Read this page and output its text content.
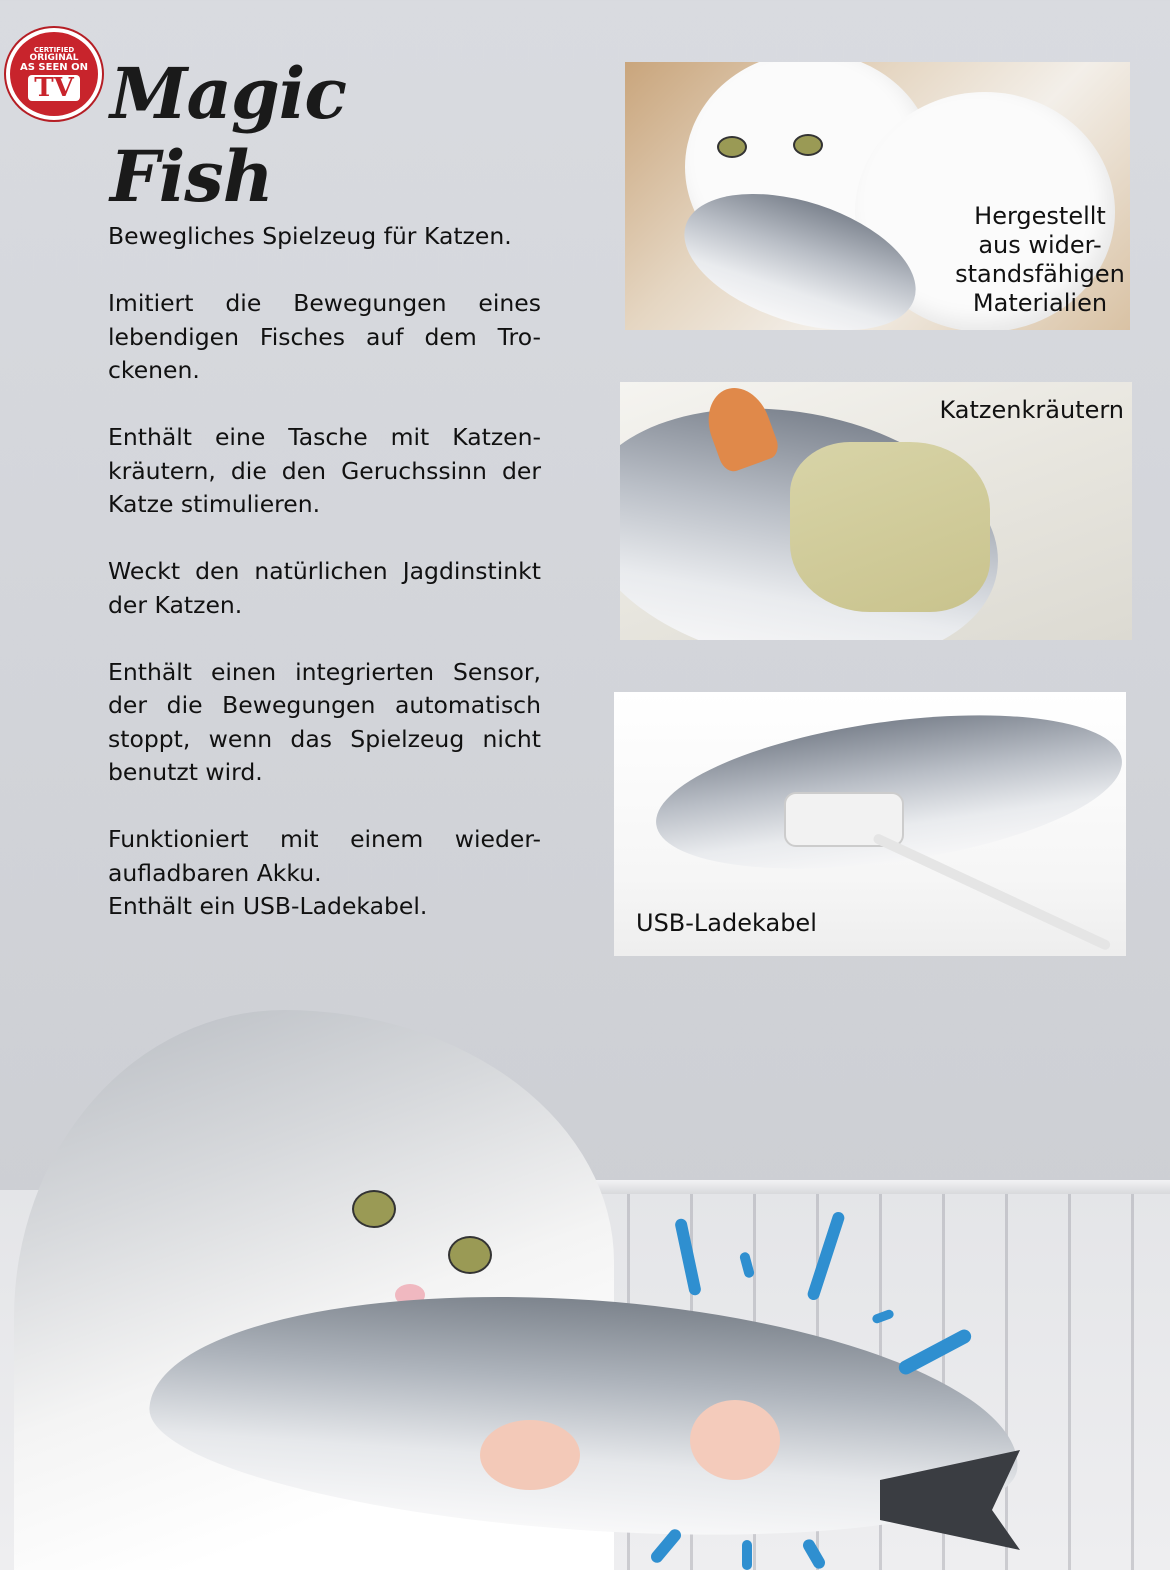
CERTIFIED
ORIGINAL
AS SEEN ON
TV Magic Fish

Bewegliches Spielzeug für Katzen.

Imitiert die Bewegungen eines lebendigen Fisches auf dem Tro-ckenen.

Enthält eine Tasche mit Katzen-kräutern, die den Geruchssinn der Katze stimulieren.

Weckt den natürlichen Jagdinstinkt der Katzen.

Enthält einen integrierten Sensor, der die Bewegungen automatisch stoppt, wenn das Spielzeug nicht benutzt wird.

Funktioniert mit einem wieder-aufladbaren Akku.

Enthält ein USB-Ladekabel.

Hergestellt aus wider-standsfähigen Materialien
Katzenkräutern
USB-Ladekabel
